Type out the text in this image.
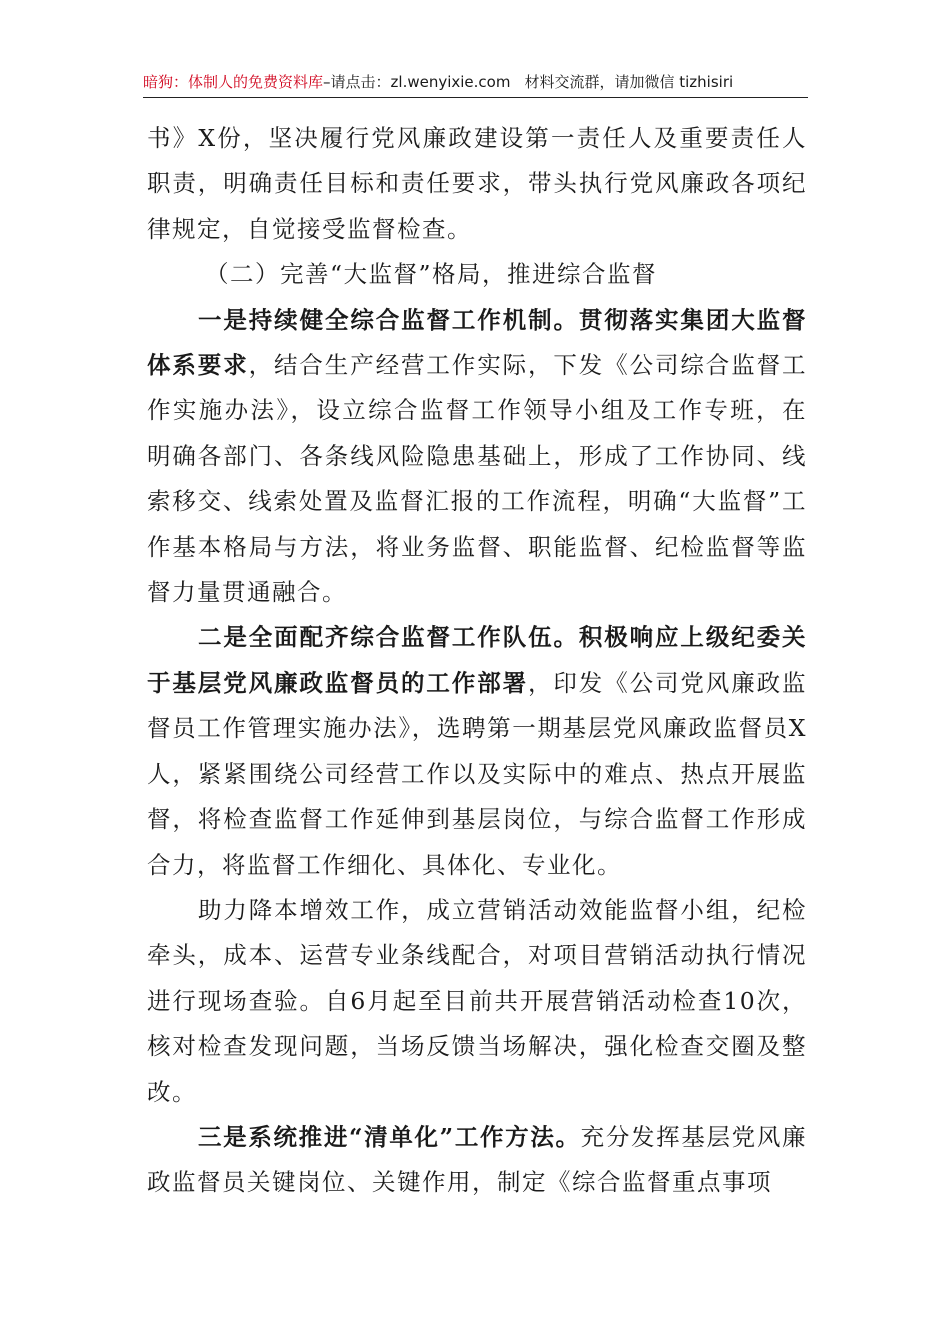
暗狗：体制人的免费资料库–请点击：zl.wenyixie.com 材料交流群，请加微信 tizhisiri

书》X份，坚决履行党风廉政建设第一责任人及重要责任人职责，明确责任目标和责任要求，带头执行党风廉政各项纪律规定，自觉接受监督检查。

（二）完善“大监督”格局，推进综合监督

一是持续健全综合监督工作机制。贯彻落实集团大监督体系要求，结合生产经营工作实际，下发《公司综合监督工作实施办法》，设立综合监督工作领导小组及工作专班，在明确各部门、各条线风险隐患基础上，形成了工作协同、线索移交、线索处置及监督汇报的工作流程，明确“大监督”工作基本格局与方法，将业务监督、职能监督、纪检监督等监督力量贯通融合。

二是全面配齐综合监督工作队伍。积极响应上级纪委关于基层党风廉政监督员的工作部署，印发《公司党风廉政监督员工作管理实施办法》，选聘第一期基层党风廉政监督员X人，紧紧围绕公司经营工作以及实际中的难点、热点开展监督，将检查监督工作延伸到基层岗位，与综合监督工作形成合力，将监督工作细化、具体化、专业化。

助力降本增效工作，成立营销活动效能监督小组，纪检牵头，成本、运营专业条线配合，对项目营销活动执行情况进行现场查验。自6月起至目前共开展营销活动检查10次，核对检查发现问题，当场反馈当场解决，强化检查交圈及整改。

三是系统推进“清单化”工作方法。充分发挥基层党风廉政监督员关键岗位、关键作用，制定《综合监督重点事项
